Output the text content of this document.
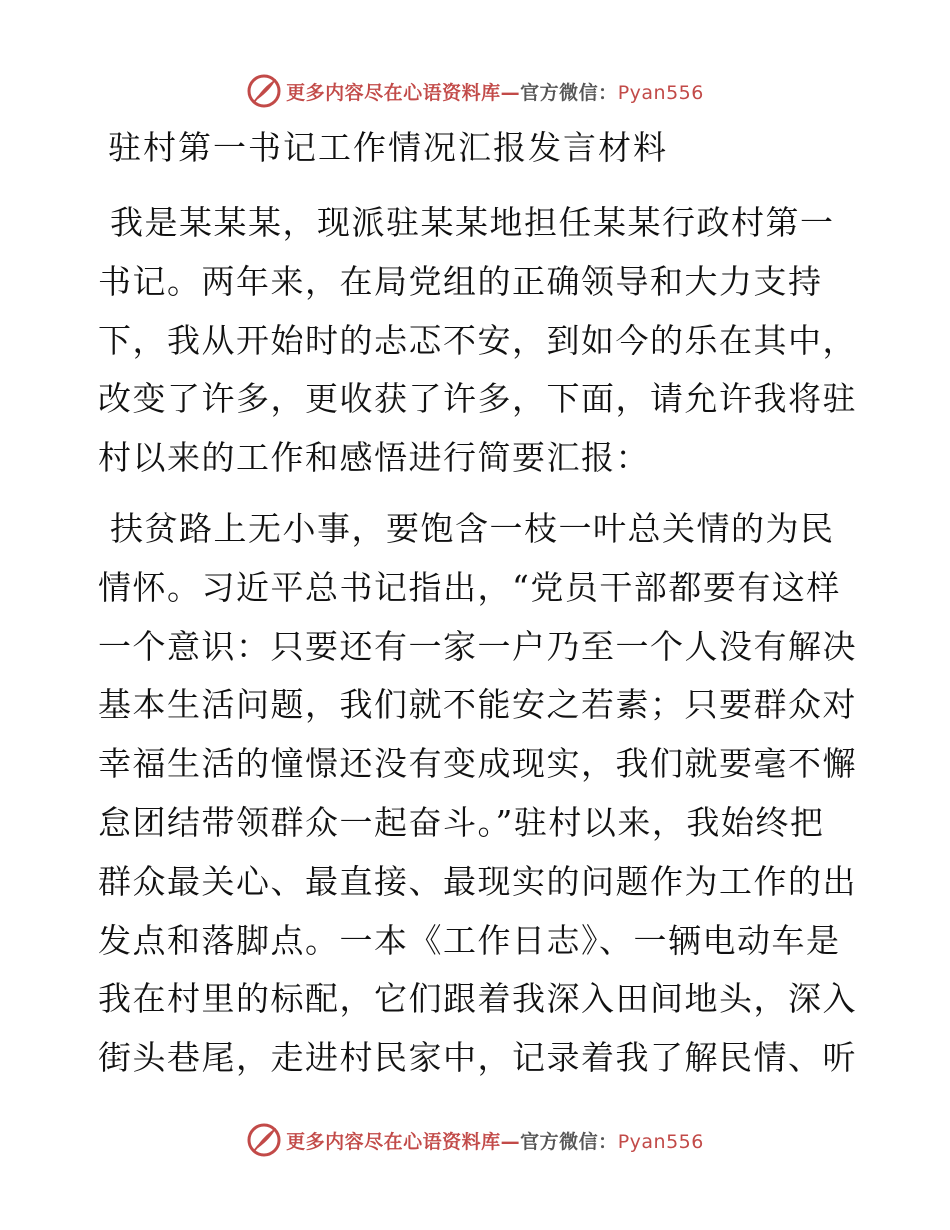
更多内容尽在心语资料库—官方微信：Pyan556
驻村第一书记工作情况汇报发言材料
我是某某某，现派驻某某地担任某某行政村第一
书记。两年来，在局党组的正确领导和大力支持
下，我从开始时的忐忑不安，到如今的乐在其中，
改变了许多，更收获了许多，下面，请允许我将驻
村以来的工作和感悟进行简要汇报：
扶贫路上无小事，要饱含一枝一叶总关情的为民
情怀。习近平总书记指出，“党员干部都要有这样
一个意识：只要还有一家一户乃至一个人没有解决
基本生活问题，我们就不能安之若素；只要群众对
幸福生活的憧憬还没有变成现实，我们就要毫不懈
怠团结带领群众一起奋斗。”驻村以来，我始终把
群众最关心、最直接、最现实的问题作为工作的出
发点和落脚点。一本《工作日志》、一辆电动车是
我在村里的标配，它们跟着我深入田间地头，深入
街头巷尾，走进村民家中，记录着我了解民情、听
更多内容尽在心语资料库—官方微信：Pyan556
